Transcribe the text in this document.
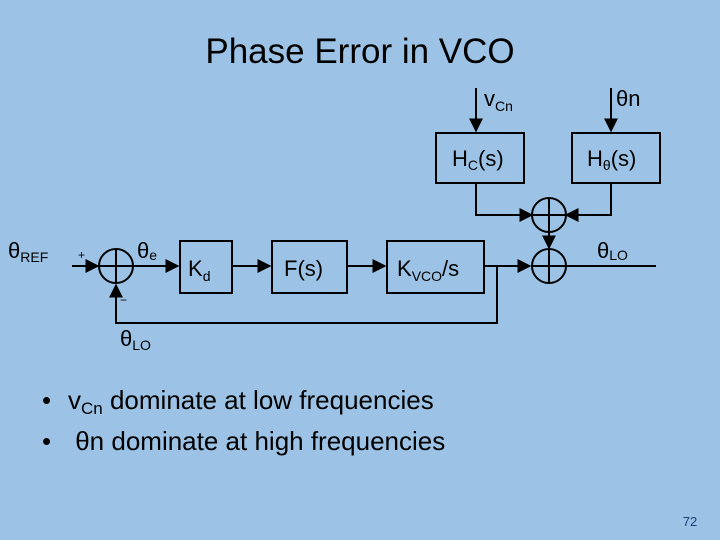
Phase Error in VCO
$v_{Cn}$	θn
HC(s)	Hθ(s)
θREF +
−
θe
$K_d$	F(s)	$K_{VCO}/s$
θLO
θLO
• vCn dominate at low frequencies
• θn dominate at high frequencies
72
